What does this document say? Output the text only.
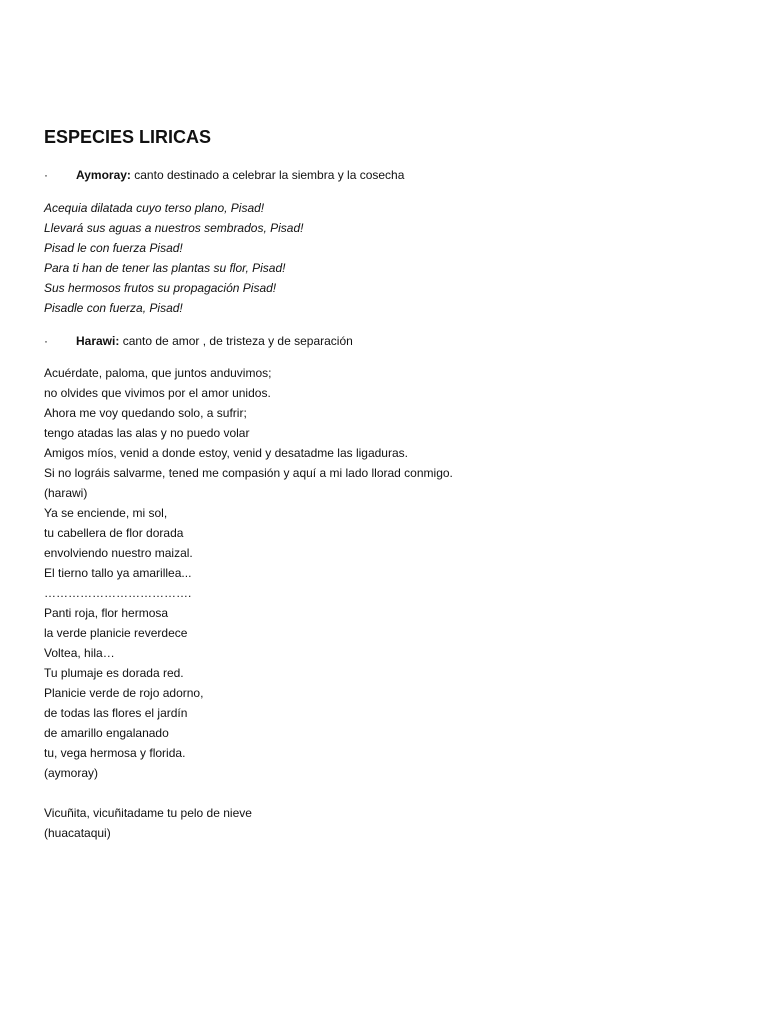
ESPECIES LIRICAS
· Aymoray: canto destinado a celebrar la siembra y la cosecha
Acequia dilatada cuyo terso plano, Pisad!
Llevará sus aguas a nuestros sembrados, Pisad!
Pisad le con fuerza Pisad!
Para ti han de tener las plantas su flor, Pisad!
Sus hermosos frutos su propagación Pisad!
Pisadle con fuerza, Pisad!
· Harawi: canto de amor , de tristeza y de separación
Acuérdate, paloma, que juntos anduvimos;
no olvides que vivimos por el amor unidos.
Ahora me voy quedando solo, a sufrir;
tengo atadas las alas y no puedo volar
Amigos míos, venid a donde estoy, venid y desatadme las ligaduras.
Si no lográis salvarme, tened me compasión y aquí a mi lado llorad conmigo.
(harawi)
Ya se enciende, mi sol,
tu cabellera de flor dorada
envolviendo nuestro maizal.
El tierno tallo ya amarillea...
……………………………….
Panti roja, flor hermosa
la verde planicie reverdece
Voltea, hila…
Tu plumaje es dorada red.
Planicie verde de rojo adorno,
de todas las flores el jardín
de amarillo engalanado
tu, vega hermosa y florida.
(aymoray)

Vicuñita, vicuñitadame tu pelo de nieve
(huacataqui)
